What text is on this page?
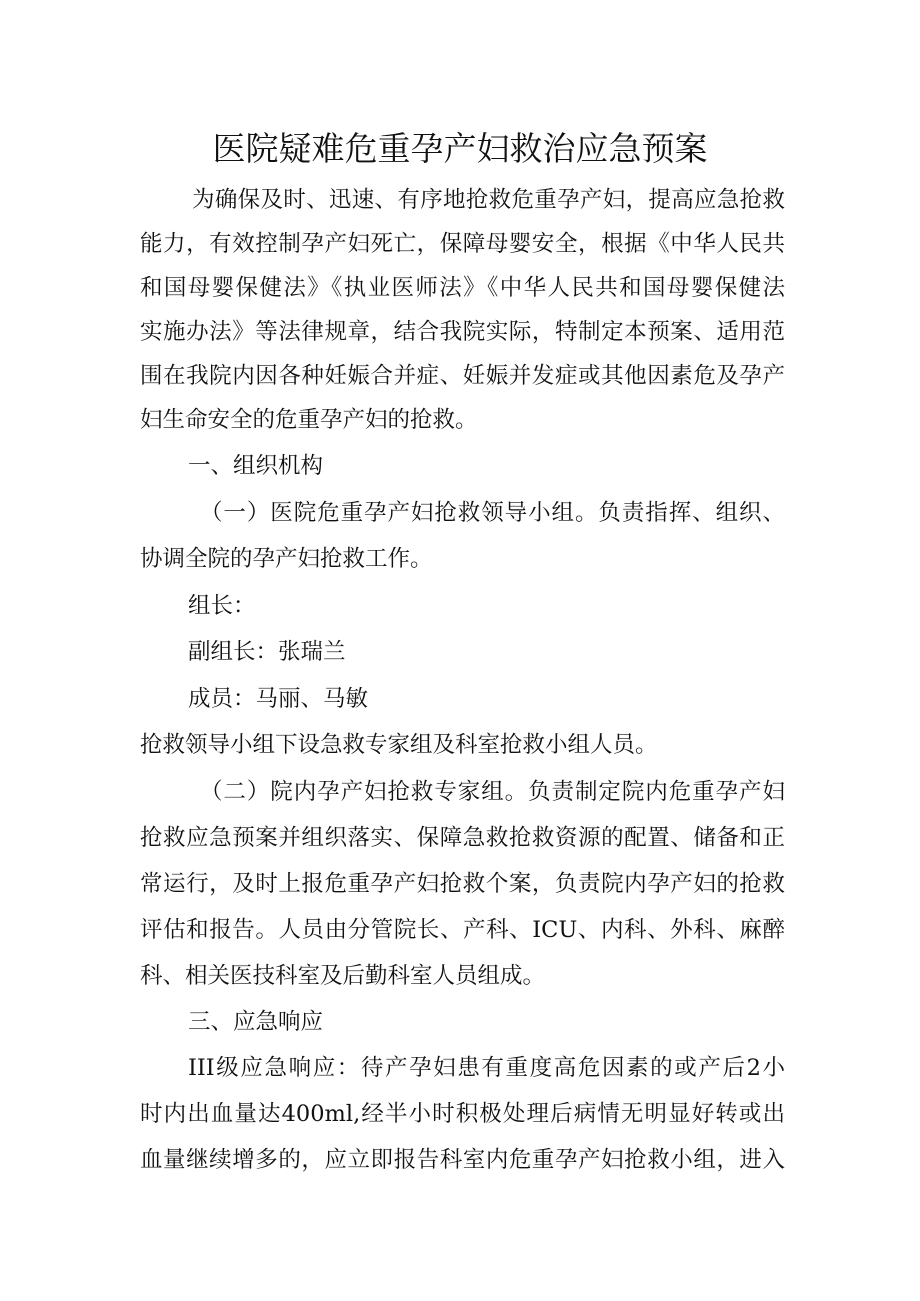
医院疑难危重孕产妇救治应急预案

为确保及时、迅速、有序地抢救危重孕产妇，提高应急抢救

能力，有效控制孕产妇死亡，保障母婴安全，根据《中华人民共

和国母婴保健法》《执业医师法》《中华人民共和国母婴保健法

实施办法》等法律规章，结合我院实际，特制定本预案、适用范

围在我院内因各种妊娠合并症、妊娠并发症或其他因素危及孕产

妇生命安全的危重孕产妇的抢救。

一、组织机构

（一）医院危重孕产妇抢救领导小组。负责指挥、组织、

协调全院的孕产妇抢救工作。

组长：

副组长：张瑞兰

成员：马丽、马敏

抢救领导小组下设急救专家组及科室抢救小组人员。

（二）院内孕产妇抢救专家组。负责制定院内危重孕产妇

抢救应急预案并组织落实、保障急救抢救资源的配置、储备和正

常运行，及时上报危重孕产妇抢救个案，负责院内孕产妇的抢救

评估和报告。人员由分管院长、产科、ICU、内科、外科、麻醉

科、相关医技科室及后勤科室人员组成。

三、应急响应

III级应急响应：待产孕妇患有重度高危因素的或产后2小

时内出血量达400ml,经半小时积极处理后病情无明显好转或出

血量继续增多的，应立即报告科室内危重孕产妇抢救小组，进入
